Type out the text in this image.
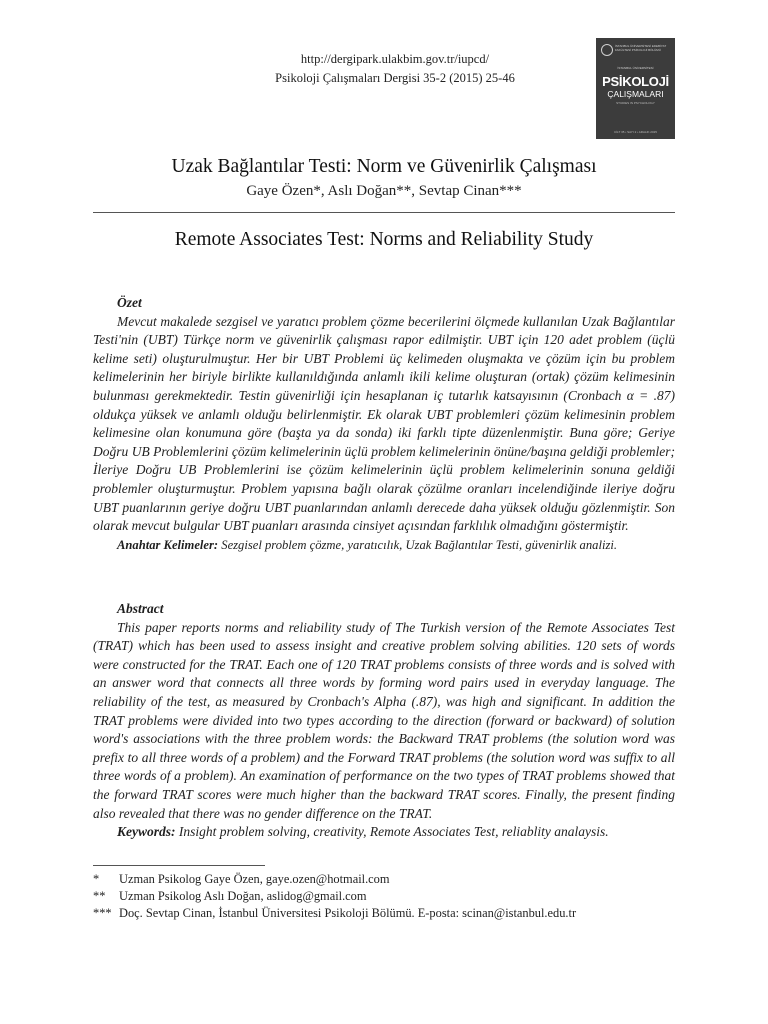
http://dergipark.ulakbim.gov.tr/iupcd/
Psikoloji Çalışmaları Dergisi 35-2 (2015) 25-46
İSTANBUL ÜNİVERSİTESİ EDEBİYAT FAKÜLTESİ PSİKOLOJİ BÖLÜMÜ
İSTANBUL ÜNİVERSİTESİ
PSİKOLOJİ
ÇALIŞMALARI
STUDIES IN PSYCHOLOGY
CİLT 35 • SAYI 2 • ARALIK 2015
Uzak Bağlantılar Testi: Norm ve Güvenirlik Çalışması
Gaye Özen*, Aslı Doğan**, Sevtap Cinan***
Remote Associates Test: Norms and Reliability Study
Özet

Mevcut makalede sezgisel ve yaratıcı problem çözme becerilerini ölçmede kullanılan Uzak Bağlantılar Testi'nin (UBT) Türkçe norm ve güvenirlik çalışması rapor edilmiştir. UBT için 120 adet problem (üçlü kelime seti) oluşturulmuştur. Her bir UBT Problemi üç kelimeden oluşmakta ve çözüm için bu problem kelimelerinin her biriyle birlikte kullanıldığında anlamlı ikili kelime oluşturan (ortak) çözüm kelimesinin bulunması gerekmektedir. Testin güvenirliği için hesaplanan iç tutarlık katsayısının (Cronbach α = .87) oldukça yüksek ve anlamlı olduğu belirlenmiştir. Ek olarak UBT problemleri çözüm kelimesinin problem kelimesine olan konumuna göre (başta ya da sonda) iki farklı tipte düzenlenmiştir. Buna göre; Geriye Doğru UB Problemlerini çözüm kelimelerinin üçlü problem kelimelerinin önüne/başına geldiği problemler; İleriye Doğru UB Problemlerini ise çözüm kelimelerinin üçlü problem kelimelerinin sonuna geldiği problemler oluşturmuştur. Problem yapısına bağlı olarak çözülme oranları incelendiğinde ileriye doğru UBT puanlarının geriye doğru UBT puanlarından anlamlı derecede daha yüksek olduğu gözlenmiştir. Son olarak mevcut bulgular UBT puanları arasında cinsiyet açısından farklılık olmadığını göstermiştir.

Anahtar Kelimeler: Sezgisel problem çözme, yaratıcılık, Uzak Bağlantılar Testi, güvenirlik analizi.

Abstract

This paper reports norms and reliability study of The Turkish version of the Remote Associates Test (TRAT) which has been used to assess insight and creative problem solving abilities. 120 sets of words were constructed for the TRAT. Each one of 120 TRAT problems consists of three words and is solved with an answer word that connects all three words by forming word pairs used in everyday language. The reliability of the test, as measured by Cronbach's Alpha (.87), was high and significant. In addition the TRAT problems were divided into two types according to the direction (forward or backward) of solution word's associations with the three problem words: the Backward TRAT problems (the solution word was prefix to all three words of a problem) and the Forward TRAT problems (the solution word was suffix to all three words of a problem). An examination of performance on the two types of TRAT problems showed that the forward TRAT scores were much higher than the backward TRAT scores. Finally, the present finding also revealed that there was no gender difference on the TRAT.

Keywords: Insight problem solving, creativity, Remote Associates Test, reliablity analaysis.

* Uzman Psikolog Gaye Özen, gaye.ozen@hotmail.com
** Uzman Psikolog Aslı Doğan, aslidog@gmail.com
*** Doç. Sevtap Cinan, İstanbul Üniversitesi Psikoloji Bölümü. E-posta: scinan@istanbul.edu.tr
